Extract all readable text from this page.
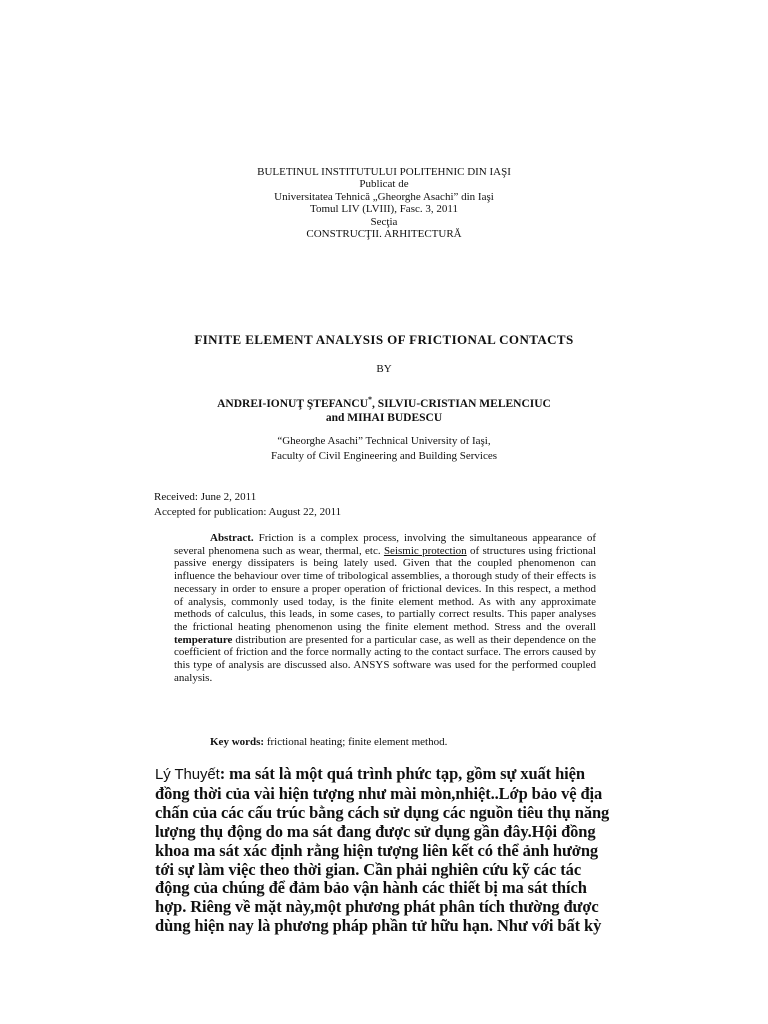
BULETINUL INSTITUTULUI POLITEHNIC DIN IAŞI
Publicat de
Universitatea Tehnică „Gheorghe Asachi” din Iaşi
Tomul LIV (LVIII), Fasc. 3, 2011
Secţia
CONSTRUCŢII. ARHITECTURĂ
FINITE ELEMENT ANALYSIS OF FRICTIONAL CONTACTS
BY
ANDREI-IONUŢ ŞTEFANCU*, SILVIU-CRISTIAN MELENCIUC
and MIHAI BUDESCU
“Gheorghe Asachi” Technical University of Iaşi,
Faculty of Civil Engineering and Building Services
Received: June 2, 2011
Accepted for publication: August 22, 2011
Abstract. Friction is a complex process, involving the simultaneous appearance of several phenomena such as wear, thermal, etc. Seismic protection of structures using frictional passive energy dissipaters is being lately used. Given that the coupled phenomenon can influence the behaviour over time of tribological assemblies, a thorough study of their effects is necessary in order to ensure a proper operation of frictional devices. In this respect, a method of analysis, commonly used today, is the finite element method. As with any approximate methods of calculus, this leads, in some cases, to partially correct results. This paper analyses the frictional heating phenomenon using the finite element method. Stress and the overall temperature distribution are presented for a particular case, as well as their dependence on the coefficient of friction and the force normally acting to the contact surface. The errors caused by this type of analysis are discussed also. ANSYS software was used for the performed coupled analysis.
Key words: frictional heating; finite element method.
Lý Thuyết: ma sát là một quá trình phức tạp, gồm sự xuất hiện đồng thời của vài hiện tượng như mài mòn,nhiệt..Lớp bảo vệ địa chấn của các cấu trúc bằng cách sử dụng các nguồn tiêu thụ năng lượng thụ động do ma sát đang được sử dụng gần đây.Hội đồng khoa ma sát xác định rằng hiện tượng liên kết có thể ảnh hưởng tới sự làm việc theo thời gian. Cần phải nghiên cứu kỹ các tác động của chúng để đảm bảo vận hành các thiết bị ma sát thích hợp. Riêng về mặt này,một phương phát phân tích thường được dùng hiện nay là phương pháp phần tử hữu hạn. Như với bất kỳ
